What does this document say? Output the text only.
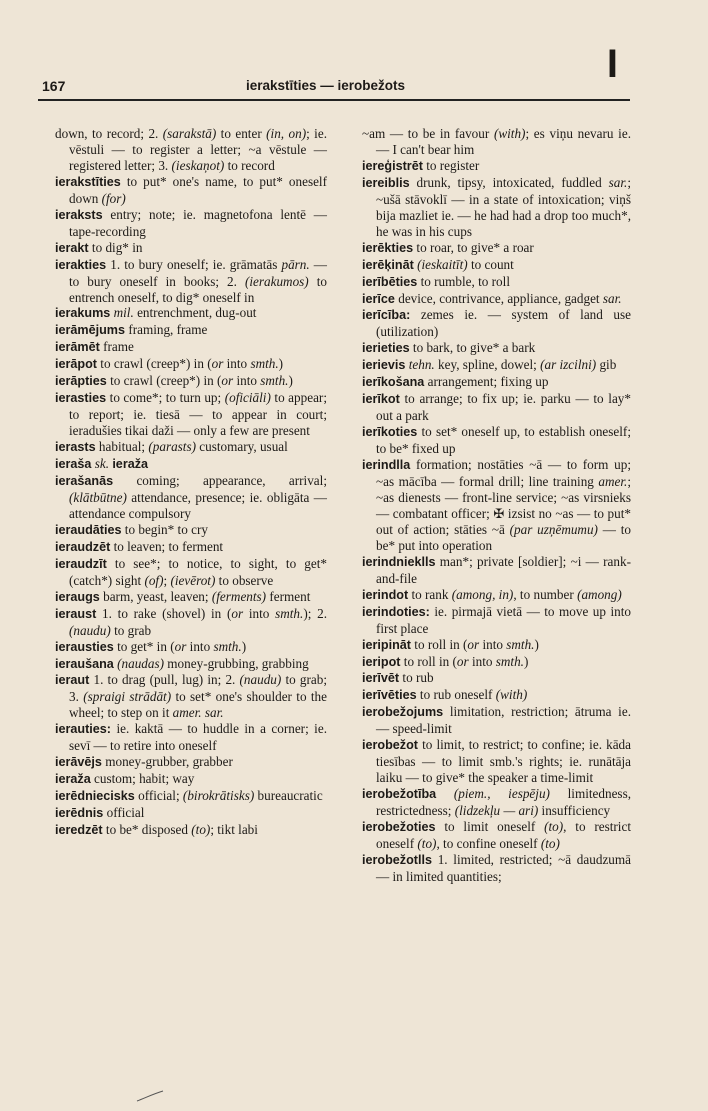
167	ierakstīties — ierobežots	I

down, to record; 2. (sarakstā) to enter (in, on); ie. vēstuli — to register a letter; ~a vēstule — registered letter; 3. (ieskaņot) to record

ierakstīties to put* one's name, to put* oneself down (for)

ieraksts entry; note; ie. magnetofona lentē — tape-recording

ierakt to dig* in

ierakties 1. to bury oneself; ie. grāmatās pārn. — to bury oneself in books; 2. (ierakumos) to entrench oneself, to dig* oneself in

ierakums mil. entrenchment, dug-out

ierāmējums framing, frame

ierāmēt frame

ierāpot to crawl (creep*) in (or into smth.)

ierāpties to crawl (creep*) in (or into smth.)

ierasties to come*; to turn up; (oficiāli) to appear; to report; ie. tiesā — to appear in court; ieradušies tikai daži — only a few are present

ierasts habitual; (parasts) customary, usual

ieraša sk. ieraža

ierašanās coming; appearance, arrival; (klātbūtne) attendance, presence; ie. obligāta — attendance compulsory

ieraudāties to begin* to cry

ieraudzēt to leaven; to ferment

ieraudzīt to see*; to notice, to sight, to get* (catch*) sight (of); (ievērot) to observe

ieraugs barm, yeast, leaven; (ferments) ferment

ieraust 1. to rake (shovel) in (or into smth.); 2. (naudu) to grab

ierausties to get* in (or into smth.)

ieraušana (naudas) money-grubbing, grabbing

ieraut 1. to drag (pull, lug) in; 2. (naudu) to grab; 3. (spraigi strādāt) to set* one's shoulder to the wheel; to step on it amer. sar.

ierauties: ie. kaktā — to huddle in a corner; ie. sevī — to retire into oneself

ierāvējs money-grubber, grabber

ieraža custom; habit; way

ierēdniecisks official; (birokrātisks) bureaucratic

ierēdnis official

ieredzēt to be* disposed (to); tikt labi

~am — to be in favour (with); es viņu nevaru ie. — I can't bear him

iereģistrēt to register

iereiblis drunk, tipsy, intoxicated, fuddled sar.; ~ušā stāvoklī — in a state of intoxication; viņš bija mazliet ie. — he had had a drop too much*, he was in his cups

ierēkties to roar, to give* a roar

ierēķināt (ieskaitīt) to count

ierībēties to rumble, to roll

ierīce device, contrivance, appliance, gadget sar.

ierīcība: zemes ie. — system of land use (utilization)

ierieties to bark, to give* a bark

ierievis tehn. key, spline, dowel; (ar izcilni) gib

ierīkošana arrangement; fixing up

ierīkot to arrange; to fix up; ie. parku — to lay* out a park

ierīkoties to set* oneself up, to establish oneself; to be* fixed up

ierindlla formation; nostāties ~ā — to form up; ~as mācība — formal drill; line training amer.; ~as dienests — front-line service; ~as virsnieks — combatant officer; ✠ izsist no ~as — to put* out of action; stāties ~ā (par uzņēmumu) — to be* put into operation

ierindnieklls man*; private [soldier]; ~i — rank-and-file

ierindot to rank (among, in), to number (among)

ierindoties: ie. pirmajā vietā — to move up into first place

ieripināt to roll in (or into smth.)

ieripot to roll in (or into smth.)

ierīvēt to rub

ierīvēties to rub oneself (with)

ierobežojums limitation, restriction; ātruma ie. — speed-limit

ierobežot to limit, to restrict; to confine; ie. kāda tiesības — to limit smb.'s rights; ie. runātāja laiku — to give* the speaker a time-limit

ierobežotība (piem., iespēju) limitedness, restrictedness; (lidzekļu — ari) insufficiency

ierobežoties to limit oneself (to), to restrict oneself (to), to confine oneself (to)

ierobežotlls 1. limited, restricted; ~ā daudzumā — in limited quantities;
